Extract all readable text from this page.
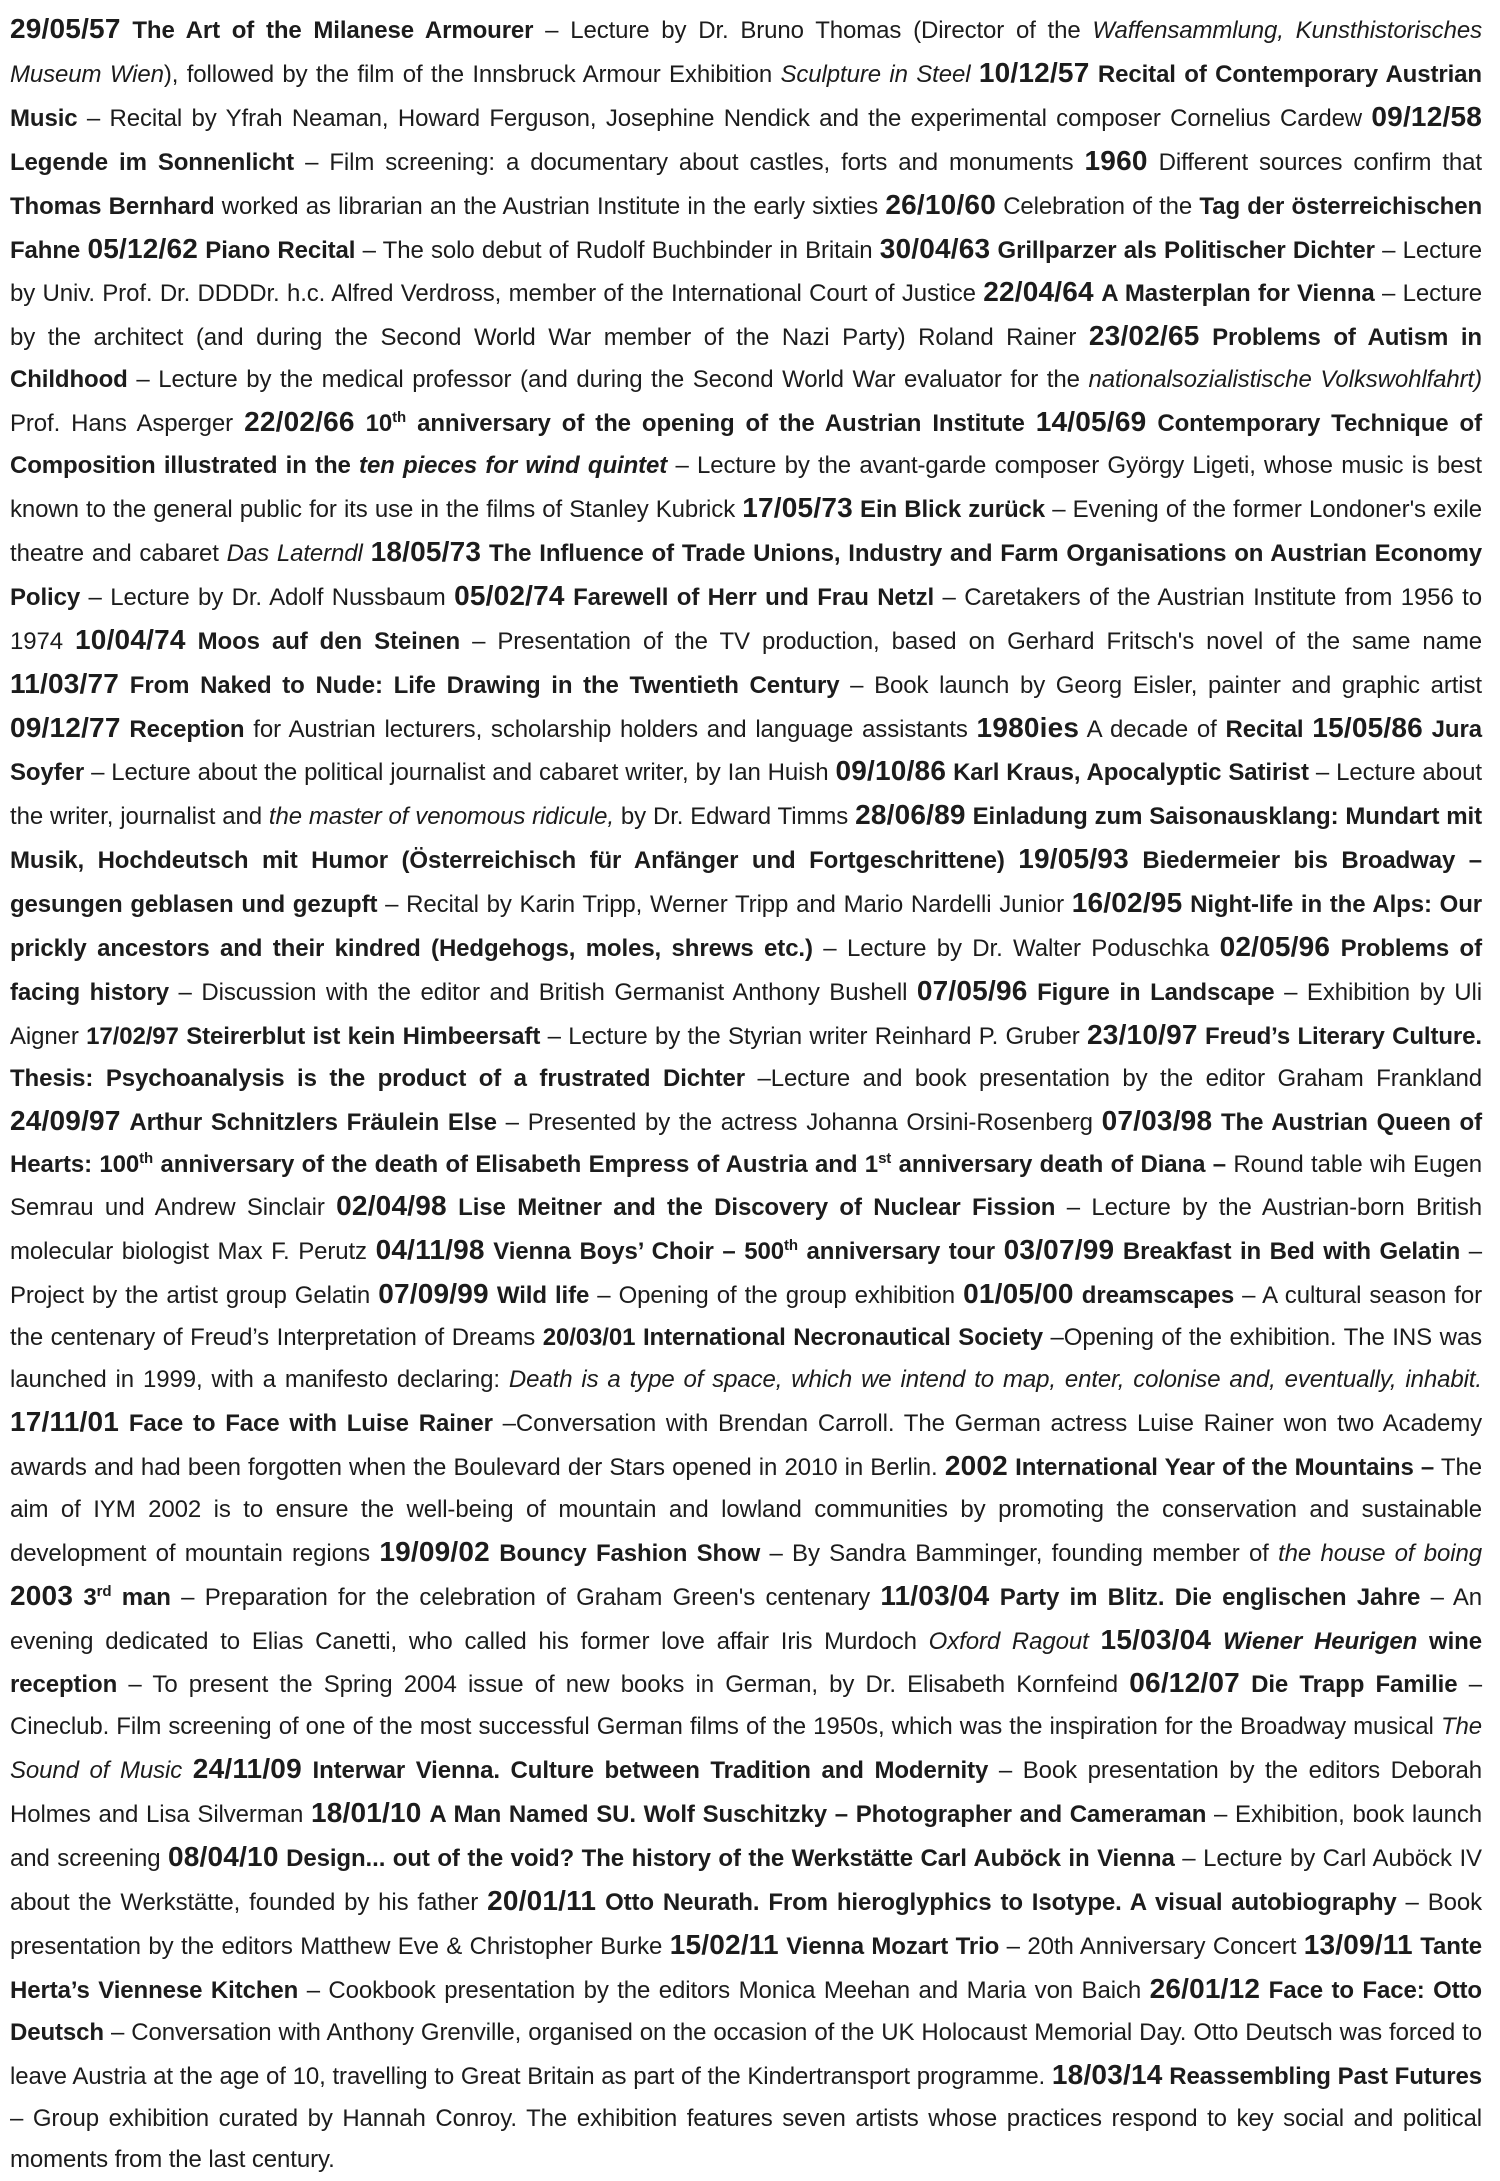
29/05/57 The Art of the Milanese Armourer – Lecture by Dr. Bruno Thomas (Director of the Waffensammlung, Kunsthistorisches Museum Wien), followed by the film of the Innsbruck Armour Exhibition Sculpture in Steel 10/12/57 Recital of Contemporary Austrian Music – Recital by Yfrah Neaman, Howard Ferguson, Josephine Nendick and the experimental composer Cornelius Cardew 09/12/58 Legende im Sonnenlicht – Film screening: a documentary about castles, forts and monuments 1960 Different sources confirm that Thomas Bernhard worked as librarian an the Austrian Institute in the early sixties 26/10/60 Celebration of the Tag der österreichischen Fahne 05/12/62 Piano Recital – The solo debut of Rudolf Buchbinder in Britain 30/04/63 Grillparzer als Politischer Dichter – Lecture by Univ. Prof. Dr. DDDDr. h.c. Alfred Verdross, member of the International Court of Justice 22/04/64 A Masterplan for Vienna – Lecture by the architect (and during the Second World War member of the Nazi Party) Roland Rainer 23/02/65 Problems of Autism in Childhood – Lecture by the medical professor (and during the Second World War evaluator for the nationalsozialistische Volkswohlfahrt) Prof. Hans Asperger 22/02/66 10th anniversary of the opening of the Austrian Institute 14/05/69 Contemporary Technique of Composition illustrated in the ten pieces for wind quintet – Lecture by the avant-garde composer György Ligeti, whose music is best known to the general public for its use in the films of Stanley Kubrick 17/05/73 Ein Blick zurück – Evening of the former Londoner's exile theatre and cabaret Das Laterndl 18/05/73 The Influence of Trade Unions, Industry and Farm Organisations on Austrian Economy Policy – Lecture by Dr. Adolf Nussbaum 05/02/74 Farewell of Herr und Frau Netzl – Caretakers of the Austrian Institute from 1956 to 1974 10/04/74 Moos auf den Steinen – Presentation of the TV production, based on Gerhard Fritsch's novel of the same name 11/03/77 From Naked to Nude: Life Drawing in the Twentieth Century – Book launch by Georg Eisler, painter and graphic artist 09/12/77 Reception for Austrian lecturers, scholarship holders and language assistants 1980ies A decade of Recital 15/05/86 Jura Soyfer – Lecture about the political journalist and cabaret writer, by Ian Huish 09/10/86 Karl Kraus, Apocalyptic Satirist – Lecture about the writer, journalist and the master of venomous ridicule, by Dr. Edward Timms 28/06/89 Einladung zum Saisonausklang: Mundart mit Musik, Hochdeutsch mit Humor (Österreichisch für Anfänger und Fortgeschrittene) 19/05/93 Biedermeier bis Broadway – gesungen geblasen und gezupft – Recital by Karin Tripp, Werner Tripp and Mario Nardelli Junior 16/02/95 Night-life in the Alps: Our prickly ancestors and their kindred (Hedgehogs, moles, shrews etc.) – Lecture by Dr. Walter Poduschka 02/05/96 Problems of facing history – Discussion with the editor and British Germanist Anthony Bushell 07/05/96 Figure in Landscape – Exhibition by Uli Aigner 17/02/97 Steirerblut ist kein Himbeersaft – Lecture by the Styrian writer Reinhard P. Gruber 23/10/97 Freud’s Literary Culture. Thesis: Psychoanalysis is the product of a frustrated Dichter –Lecture and book presentation by the editor Graham Frankland 24/09/97 Arthur Schnitzlers Fräulein Else – Presented by the actress Johanna Orsini-Rosenberg 07/03/98 The Austrian Queen of Hearts: 100th anniversary of the death of Elisabeth Empress of Austria and 1st anniversary death of Diana – Round table wih Eugen Semrau und Andrew Sinclair 02/04/98 Lise Meitner and the Discovery of Nuclear Fission – Lecture by the Austrian-born British molecular biologist Max F. Perutz 04/11/98 Vienna Boys’ Choir – 500th anniversary tour 03/07/99 Breakfast in Bed with Gelatin –Project by the artist group Gelatin 07/09/99 Wild life – Opening of the group exhibition 01/05/00 dreamscapes – A cultural season for the centenary of Freud’s Interpretation of Dreams 20/03/01 International Necronautical Society –Opening of the exhibition. The INS was launched in 1999, with a manifesto declaring: Death is a type of space, which we intend to map, enter, colonise and, eventually, inhabit. 17/11/01 Face to Face with Luise Rainer –Conversation with Brendan Carroll. The German actress Luise Rainer won two Academy awards and had been forgotten when the Boulevard der Stars opened in 2010 in Berlin. 2002 International Year of the Mountains – The aim of IYM 2002 is to ensure the well-being of mountain and lowland communities by promoting the conservation and sustainable development of mountain regions 19/09/02 Bouncy Fashion Show – By Sandra Bamminger, founding member of the house of boing 2003 3rd man – Preparation for the celebration of Graham Green's centenary 11/03/04 Party im Blitz. Die englischen Jahre – An evening dedicated to Elias Canetti, who called his former love affair Iris Murdoch Oxford Ragout 15/03/04 Wiener Heurigen wine reception – To present the Spring 2004 issue of new books in German, by Dr. Elisabeth Kornfeind 06/12/07 Die Trapp Familie – Cineclub. Film screening of one of the most successful German films of the 1950s, which was the inspiration for the Broadway musical The Sound of Music 24/11/09 Interwar Vienna. Culture between Tradition and Modernity – Book presentation by the editors Deborah Holmes and Lisa Silverman 18/01/10 A Man Named SU. Wolf Suschitzky – Photographer and Cameraman – Exhibition, book launch and screening 08/04/10 Design... out of the void? The history of the Werkstätte Carl Auböck in Vienna – Lecture by Carl Auböck IV about the Werkstätte, founded by his father 20/01/11 Otto Neurath. From hieroglyphics to Isotype. A visual autobiography – Book presentation by the editors Matthew Eve & Christopher Burke 15/02/11 Vienna Mozart Trio – 20th Anniversary Concert 13/09/11 Tante Herta’s Viennese Kitchen – Cookbook presentation by the editors Monica Meehan and Maria von Baich 26/01/12 Face to Face: Otto Deutsch – Conversation with Anthony Grenville, organised on the occasion of the UK Holocaust Memorial Day. Otto Deutsch was forced to leave Austria at the age of 10, travelling to Great Britain as part of the Kindertransport programme. 18/03/14 Reassembling Past Futures – Group exhibition curated by Hannah Conroy. The exhibition features seven artists whose practices respond to key social and political moments from the last century.
